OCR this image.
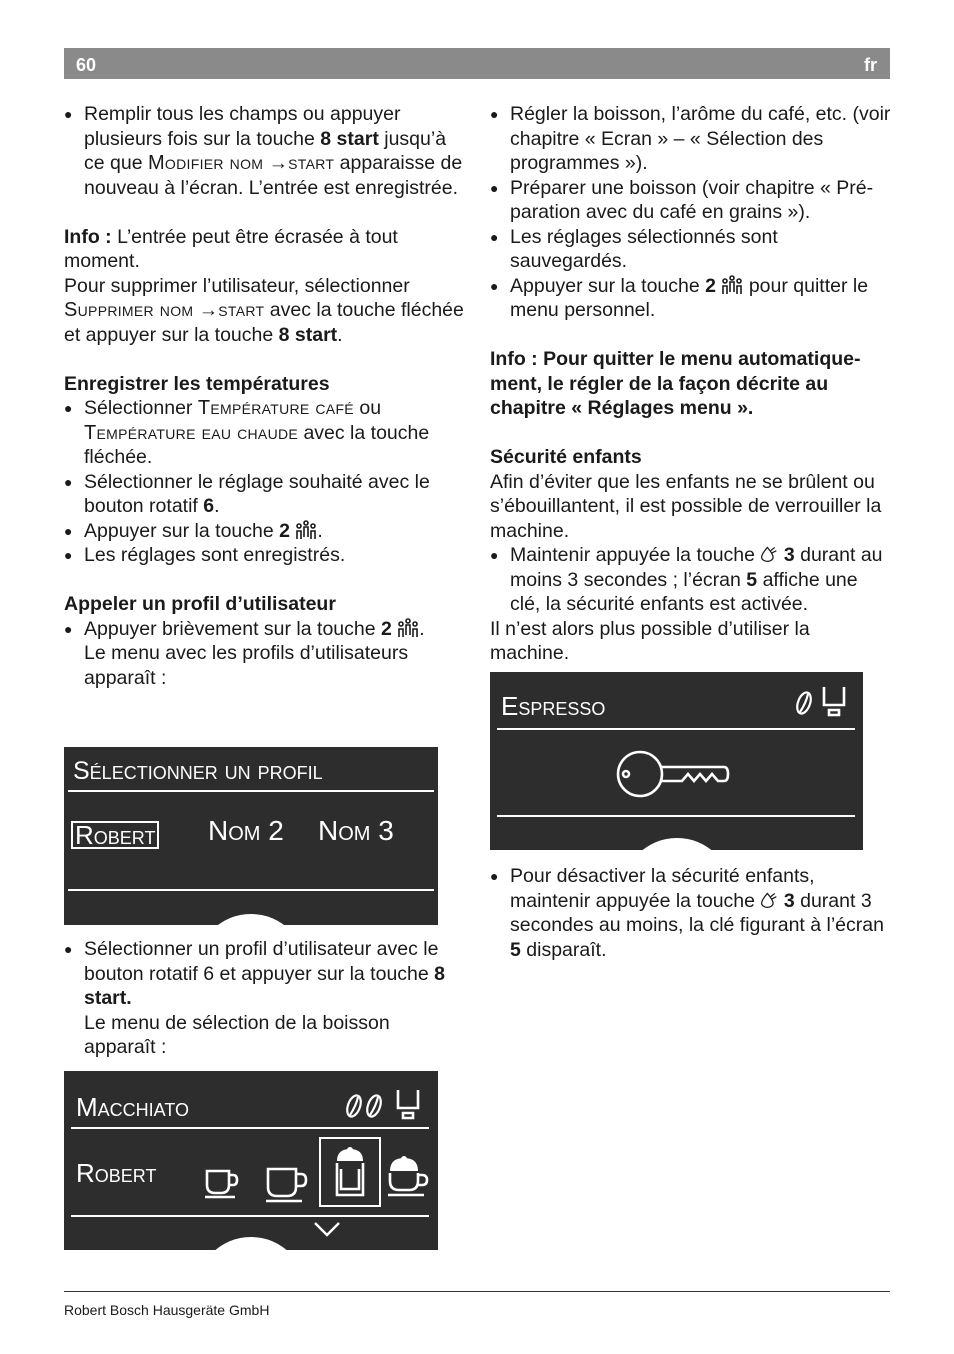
60	fr

● Remplir tous les champs ou appuyer plusieurs fois sur la touche 8 start jusqu’à ce que Modifier nom →start apparaisse de nouveau à l’écran. L’entrée est enregistrée.

Info : L’entrée peut être écrasée à tout moment.

Pour supprimer l’utilisateur, sélectionner Supprimer nom →start avec la touche fléchée et appuyer sur la touche 8 start.

Enregistrer les températures

● Sélectionner Température café ou Température eau chaude avec la touche fléchée.

● Sélectionner le réglage souhaité avec le bouton rotatif 6.

● Appuyer sur la touche 2 .

● Les réglages sont enregistrés.

Appeler un profil d’utilisateur

● Appuyer brièvement sur la touche 2 .
Le menu avec les profils d’utilisateurs apparaît :

Sélectionner un profil
Robert Nom 2 Nom 3

● Sélectionner un profil d’utilisateur avec le bouton rotatif 6 et appuyer sur la touche 8 start.
Le menu de sélection de la boisson apparaît :

Macchiato
Robert

● Régler la boisson, l’arôme du café, etc. (voir chapitre « Ecran » – « Sélection des programmes »).

● Préparer une boisson (voir chapitre « Préparation avec du café en grains »).

● Les réglages sélectionnés sont sauvegardés.

● Appuyer sur la touche 2  pour quitter le menu personnel.

Info : Pour quitter le menu automatiquement, le régler de la façon décrite au chapitre « Réglages menu ».

Sécurité enfants

Afin d’éviter que les enfants ne se brûlent ou s’ébouillantent, il est possible de verrouiller la machine.

● Maintenir appuyée la touche  3 durant au moins 3 secondes ; l’écran 5 affiche une clé, la sécurité enfants est activée.

Il n’est alors plus possible d’utiliser la machine.

Espresso

● Pour désactiver la sécurité enfants, maintenir appuyée la touche  3 durant 3 secondes au moins, la clé figurant à l’écran 5 disparaît.

Robert Bosch Hausgeräte GmbH
